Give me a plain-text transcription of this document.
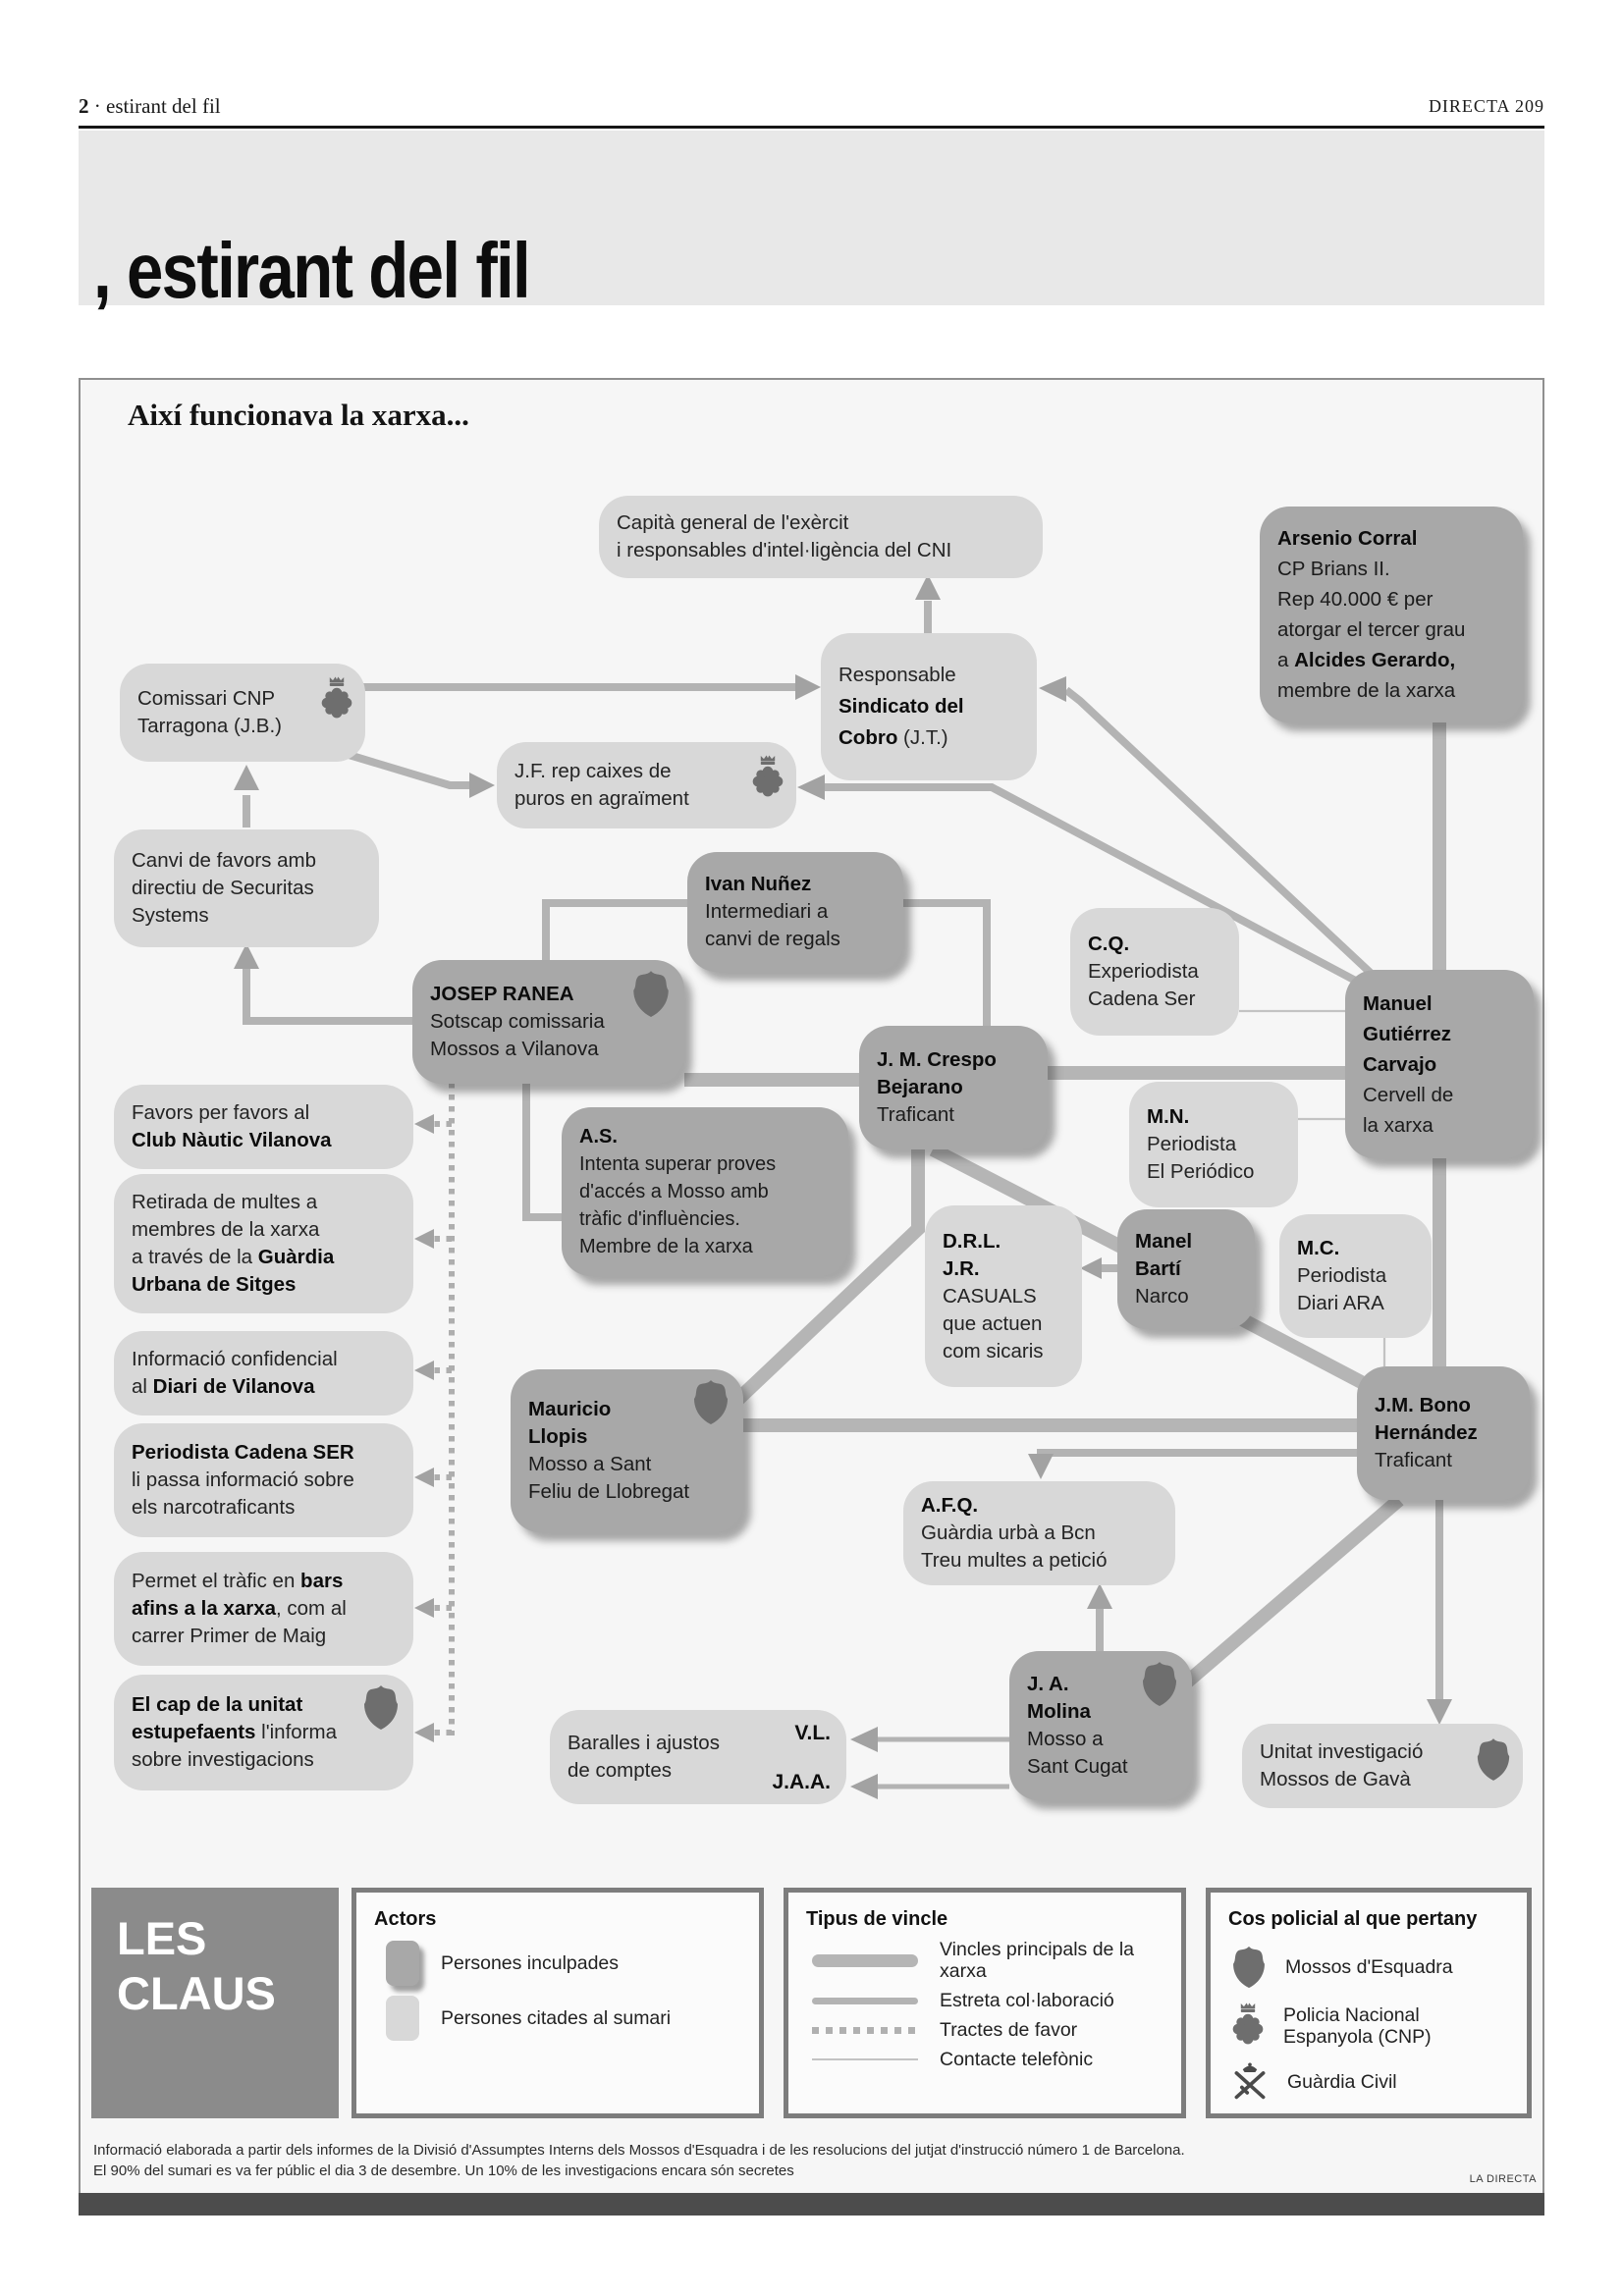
2 · estirant del fil	DIRECTA 209
, estirant del fil
Així funcionava la xarxa...
Capità general de l'exèrcit
i responsables d'intel·ligència del CNI
Arsenio Corral
CP Brians II.
Rep 40.000 € per
atorgar el tercer grau
a Alcides Gerardo,
membre de la xarxa
Responsable
Sindicato del
Cobro (J.T.)
Comissari CNP
Tarragona (J.B.)
J.F. rep caixes de
puros en agraïment
Canvi de favors amb
directiu de Securitas
Systems
Ivan Nuñez
Intermediari a
canvi de regals	C.Q.
Experiodista
Cadena Ser
JOSEP RANEA
Sotscap comissaria
Mossos a Vilanova
Manuel
Gutiérrez
Carvajo
Cervell de
la xarxa
J. M. Crespo
Bejarano
Traficant	M.N.
Periodista
El Periódico
Favors per favors al
Club Nàutic Vilanova	A.S.
Intenta superar proves
d'accés a Mosso amb
tràfic d'influències.
Membre de la xarxa
Retirada de multes a
membres de la xarxa
a través de la Guàrdia
Urbana de Sitges
D.R.L.
J.R.
CASUALS
que actuen
com sicaris
Manel
Bartí
Narco
M.C.
Periodista
Diari ARA
Informació confidencial
al Diari de Vilanova
Mauricio
Llopis
Mosso a Sant
Feliu de Llobregat
J.M. Bono
Hernández
Traficant
Periodista Cadena SER
li passa informació sobre
els narcotraficants	A.F.Q.
Guàrdia urbà a Bcn
Treu multes a petició
Permet el tràfic en bars
afins a la xarxa, com al
carrer Primer de Maig
J. A.
Molina
Mosso a
Sant Cugat
El cap de la unitat
estupefaents l'informa
sobre investigacions
V.L.
J.A.A.
Baralles i ajustos
de comptes
Unitat investigació
Mossos de Gavà
LES
CLAUS
Actors
Persones inculpades
Persones citades al sumari
Tipus de vincle
Vincles principals de la xarxa
Estreta col·laboració
Tractes de favor
Contacte telefònic
Cos policial al que pertany
Mossos d'Esquadra
Policia Nacional Espanyola (CNP)
Guàrdia Civil
Informació elaborada a partir dels informes de la Divisió d'Assumptes Interns dels Mossos d'Esquadra i de les resolucions del jutjat d'instrucció número 1 de Barcelona.
El 90% del sumari es va fer públic el dia 3 de desembre. Un 10% de les investigacions encara són secretes	LA DIRECTA
